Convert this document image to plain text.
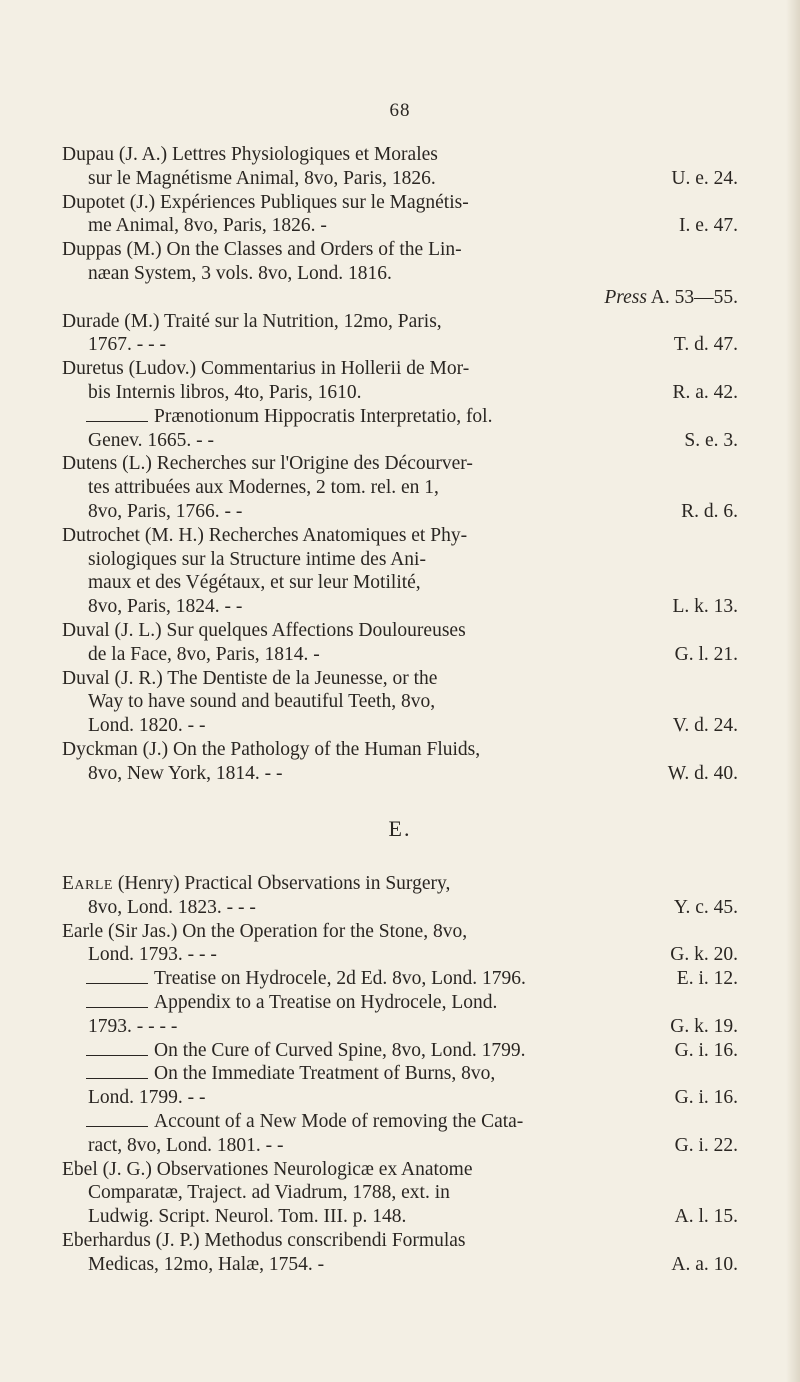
68
Dupau (J. A.) Lettres Physiologiques et Morales
sur le Magnétisme Animal, 8vo, Paris, 1826.	U. e. 24.
Dupotet (J.) Expériences Publiques sur le Magnétis-
me Animal, 8vo, Paris, 1826. -	I. e. 47.
Duppas (M.) On the Classes and Orders of the Lin-
næan System, 3 vols. 8vo, Lond. 1816.
Press A. 53—55.
Durade (M.) Traité sur la Nutrition, 12mo, Paris,
1767. - - -	T. d. 47.
Duretus (Ludov.) Commentarius in Hollerii de Mor-
bis Internis libros, 4to, Paris, 1610.	R. a. 42.
Prænotionum Hippocratis Interpretatio, fol.
Genev. 1665. - -	S. e. 3.
Dutens (L.) Recherches sur l'Origine des Décourver-
tes attribuées aux Modernes, 2 tom. rel. en 1,
8vo, Paris, 1766. - -	R. d. 6.
Dutrochet (M. H.) Recherches Anatomiques et Phy-
siologiques sur la Structure intime des Ani-
maux et des Végétaux, et sur leur Motilité,
8vo, Paris, 1824. - -	L. k. 13.
Duval (J. L.) Sur quelques Affections Douloureuses
de la Face, 8vo, Paris, 1814. -	G. l. 21.
Duval (J. R.) The Dentiste de la Jeunesse, or the
Way to have sound and beautiful Teeth, 8vo,
Lond. 1820. - -	V. d. 24.
Dyckman (J.) On the Pathology of the Human Fluids,
8vo, New York, 1814. - -	W. d. 40.
E.
Earle (Henry) Practical Observations in Surgery,
8vo, Lond. 1823. - - -	Y. c. 45.
Earle (Sir Jas.) On the Operation for the Stone, 8vo,
Lond. 1793. - - -	G. k. 20.
Treatise on Hydrocele, 2d Ed. 8vo, Lond. 1796.	E. i. 12.
Appendix to a Treatise on Hydrocele, Lond.
1793. - - - -	G. k. 19.
On the Cure of Curved Spine, 8vo, Lond. 1799.	G. i. 16.
On the Immediate Treatment of Burns, 8vo,
Lond. 1799. - -	G. i. 16.
Account of a New Mode of removing the Cata-
ract, 8vo, Lond. 1801. - -	G. i. 22.
Ebel (J. G.) Observationes Neurologicæ ex Anatome
Comparatæ, Traject. ad Viadrum, 1788, ext. in
Ludwig. Script. Neurol. Tom. III. p. 148.	A. l. 15.
Eberhardus (J. P.) Methodus conscribendi Formulas
Medicas, 12mo, Halæ, 1754. -	A. a. 10.
